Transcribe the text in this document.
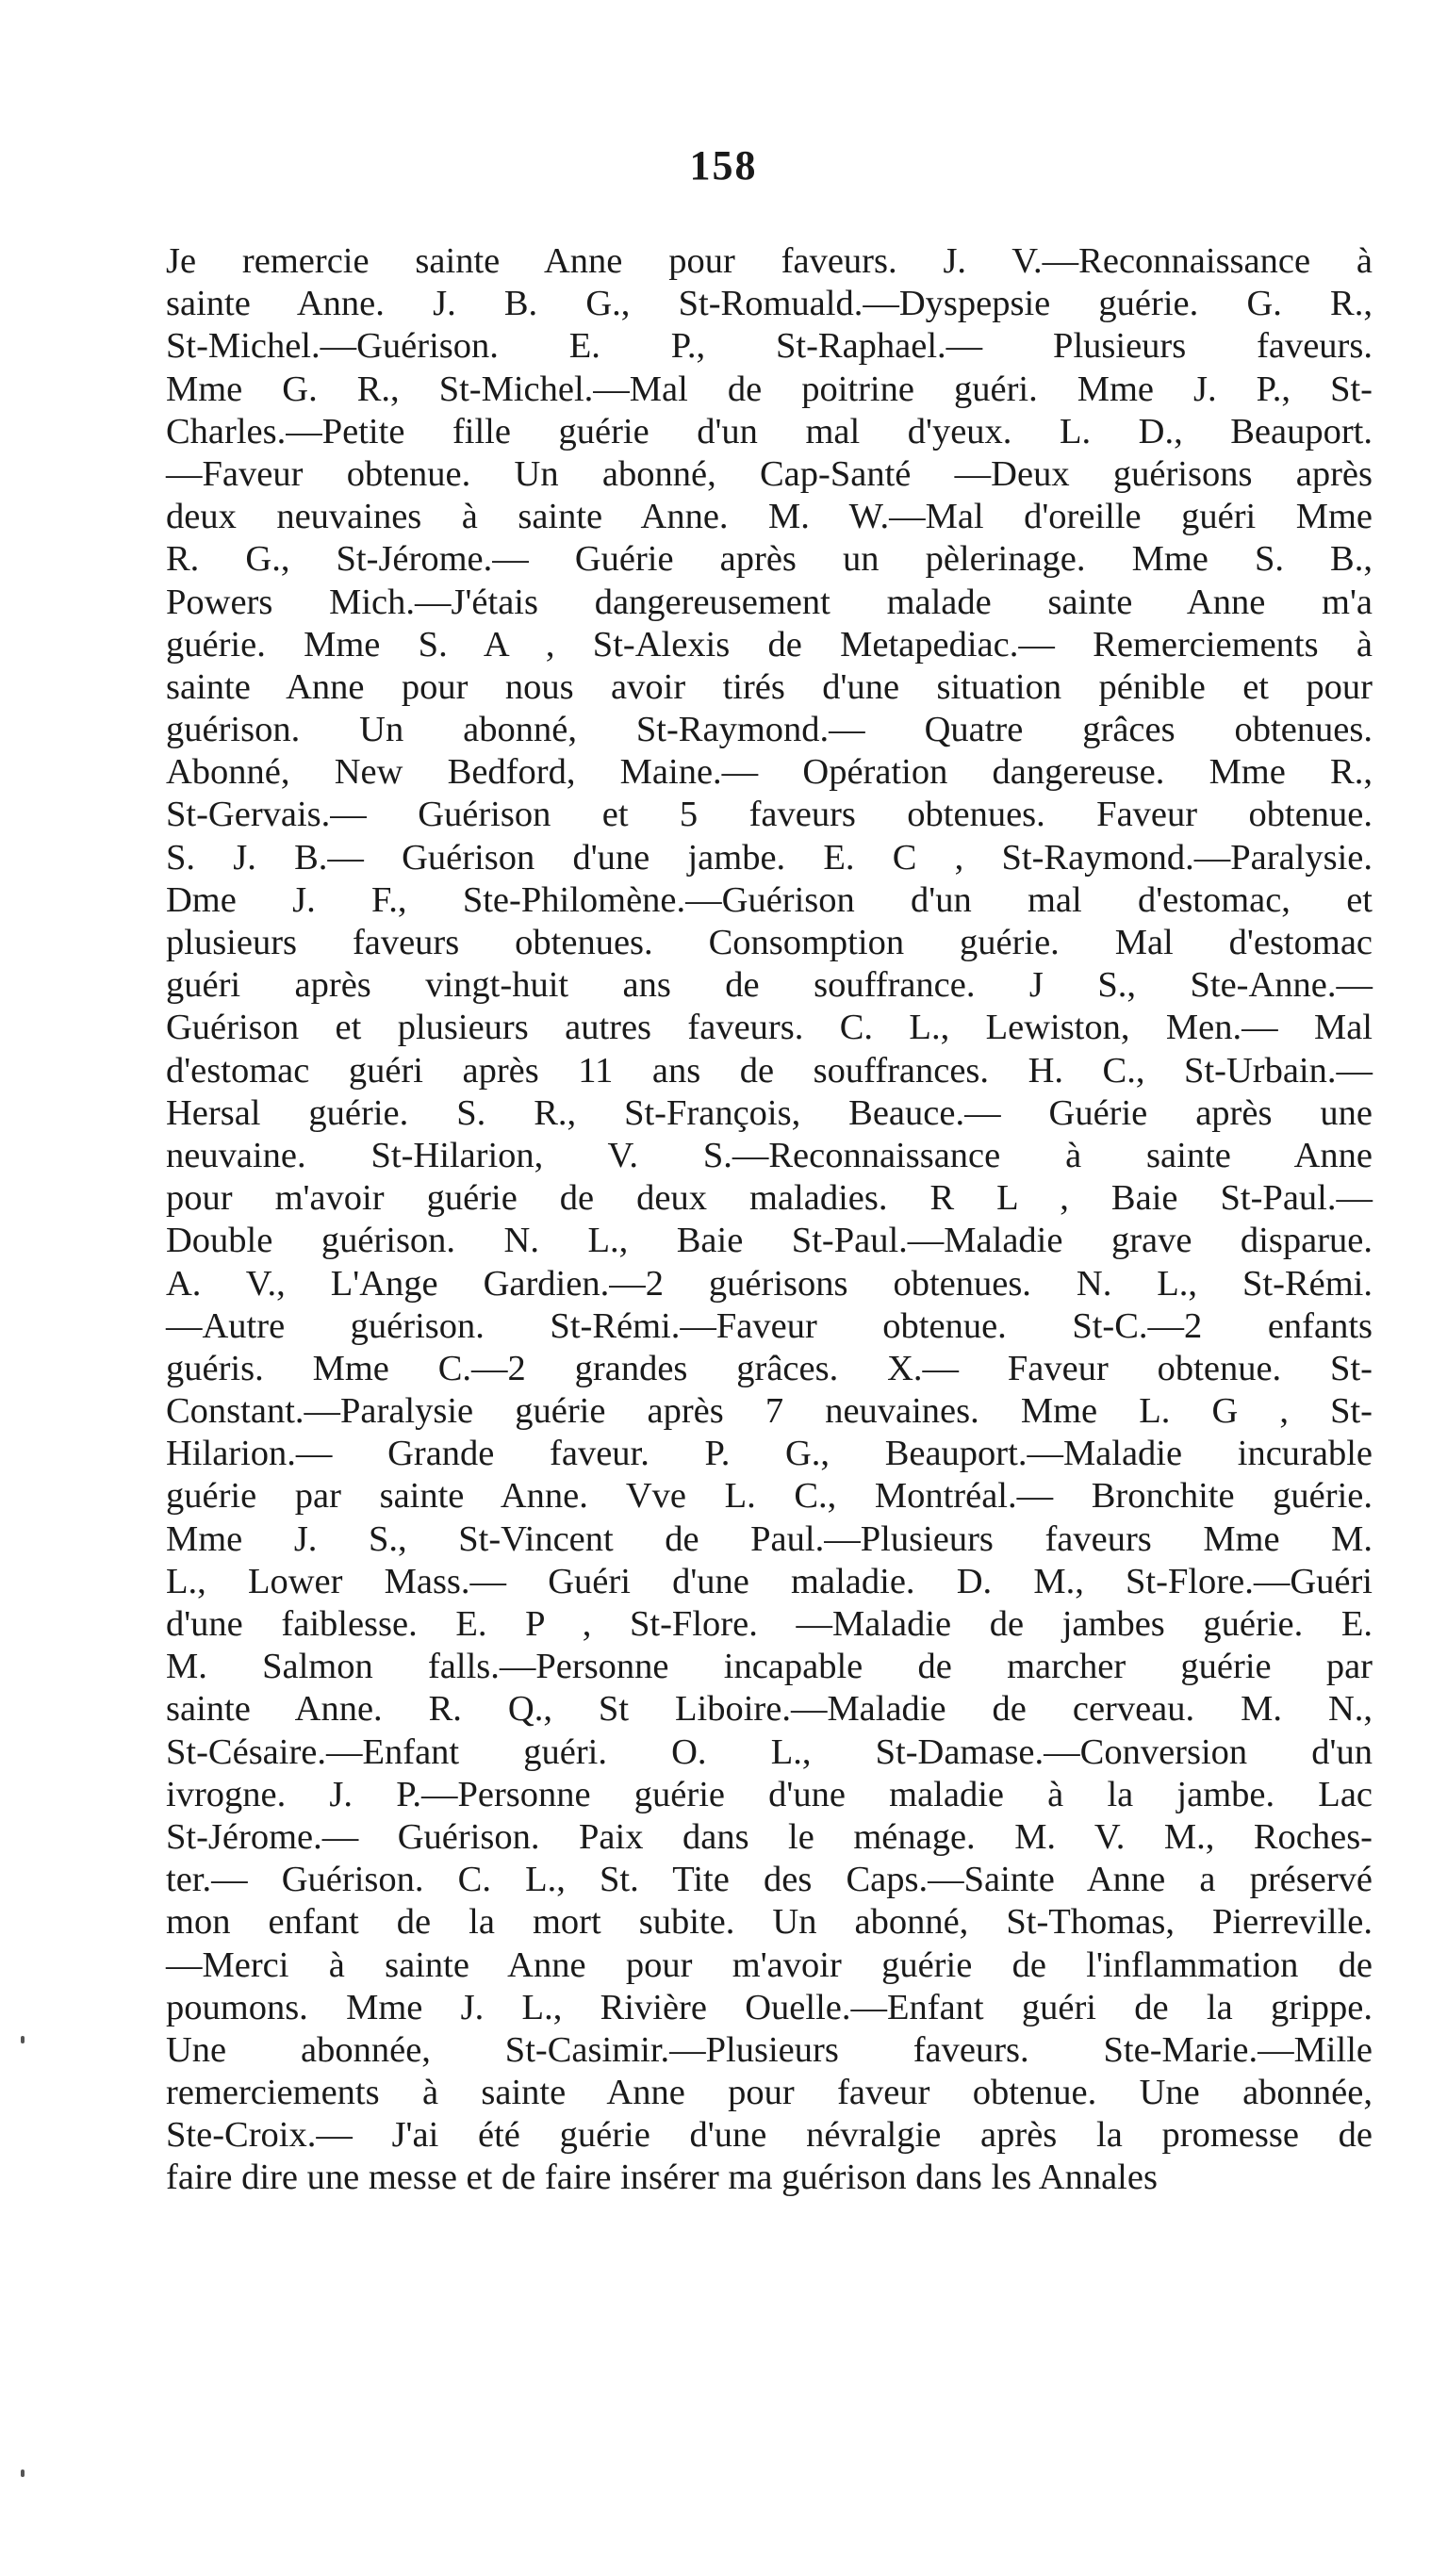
158
Je remercie sainte Anne pour faveurs. J. V.—Reconnaissance à
sainte Anne. J. B. G., St-Romuald.—Dyspepsie guérie. G. R.,
St-Michel.—Guérison. E. P., St-Raphael.— Plusieurs faveurs.
Mme G. R., St-Michel.—Mal de poitrine guéri. Mme J. P., St-
Charles.—Petite fille guérie d'un mal d'yeux. L. D., Beauport.
—Faveur obtenue. Un abonné, Cap-Santé —Deux guérisons après
deux neuvaines à sainte Anne. M. W.—Mal d'oreille guéri Mme
R. G., St-Jérome.— Guérie après un pèlerinage. Mme S. B.,
Powers Mich.—J'étais dangereusement malade sainte Anne m'a
guérie. Mme S. A , St-Alexis de Metapediac.— Remerciements à
sainte Anne pour nous avoir tirés d'une situation pénible et pour
guérison. Un abonné, St-Raymond.— Quatre grâces obtenues.
Abonné, New Bedford, Maine.— Opération dangereuse. Mme R.,
St-Gervais.— Guérison et 5 faveurs obtenues. Faveur obtenue.
S. J. B.— Guérison d'une jambe. E. C , St-Raymond.—Paralysie.
Dme J. F., Ste-Philomène.—Guérison d'un mal d'estomac, et
plusieurs faveurs obtenues. Consomption guérie. Mal d'estomac
guéri après vingt-huit ans de souffrance. J S., Ste-Anne.—
Guérison et plusieurs autres faveurs. C. L., Lewiston, Men.— Mal
d'estomac guéri après 11 ans de souffrances. H. C., St-Urbain.—
Hersal guérie. S. R., St-François, Beauce.— Guérie après une
neuvaine. St-Hilarion, V. S.—Reconnaissance à sainte Anne
pour m'avoir guérie de deux maladies. R L , Baie St-Paul.—
Double guérison. N. L., Baie St-Paul.—Maladie grave disparue.
A. V., L'Ange Gardien.—2 guérisons obtenues. N. L., St-Rémi.
—Autre guérison. St-Rémi.—Faveur obtenue. St-C.—2 enfants
guéris. Mme C.—2 grandes grâces. X.— Faveur obtenue. St-
Constant.—Paralysie guérie après 7 neuvaines. Mme L. G , St-
Hilarion.— Grande faveur. P. G., Beauport.—Maladie incurable
guérie par sainte Anne. Vve L. C., Montréal.— Bronchite guérie.
Mme J. S., St-Vincent de Paul.—Plusieurs faveurs Mme M.
L., Lower Mass.— Guéri d'une maladie. D. M., St-Flore.—Guéri
d'une faiblesse. E. P , St-Flore. —Maladie de jambes guérie. E.
M. Salmon falls.—Personne incapable de marcher guérie par
sainte Anne. R. Q., St Liboire.—Maladie de cerveau. M. N.,
St-Césaire.—Enfant guéri. O. L., St-Damase.—Conversion d'un
ivrogne. J. P.—Personne guérie d'une maladie à la jambe. Lac
St-Jérome.— Guérison. Paix dans le ménage. M. V. M., Roches-
ter.— Guérison. C. L., St. Tite des Caps.—Sainte Anne a préservé
mon enfant de la mort subite. Un abonné, St-Thomas, Pierreville.
—Merci à sainte Anne pour m'avoir guérie de l'inflammation de
poumons. Mme J. L., Rivière Ouelle.—Enfant guéri de la grippe.
Une abonnée, St-Casimir.—Plusieurs faveurs. Ste-Marie.—Mille
remerciements à sainte Anne pour faveur obtenue. Une abonnée,
Ste-Croix.— J'ai été guérie d'une névralgie après la promesse de
faire dire une messe et de faire insérer ma guérison dans les Annales
